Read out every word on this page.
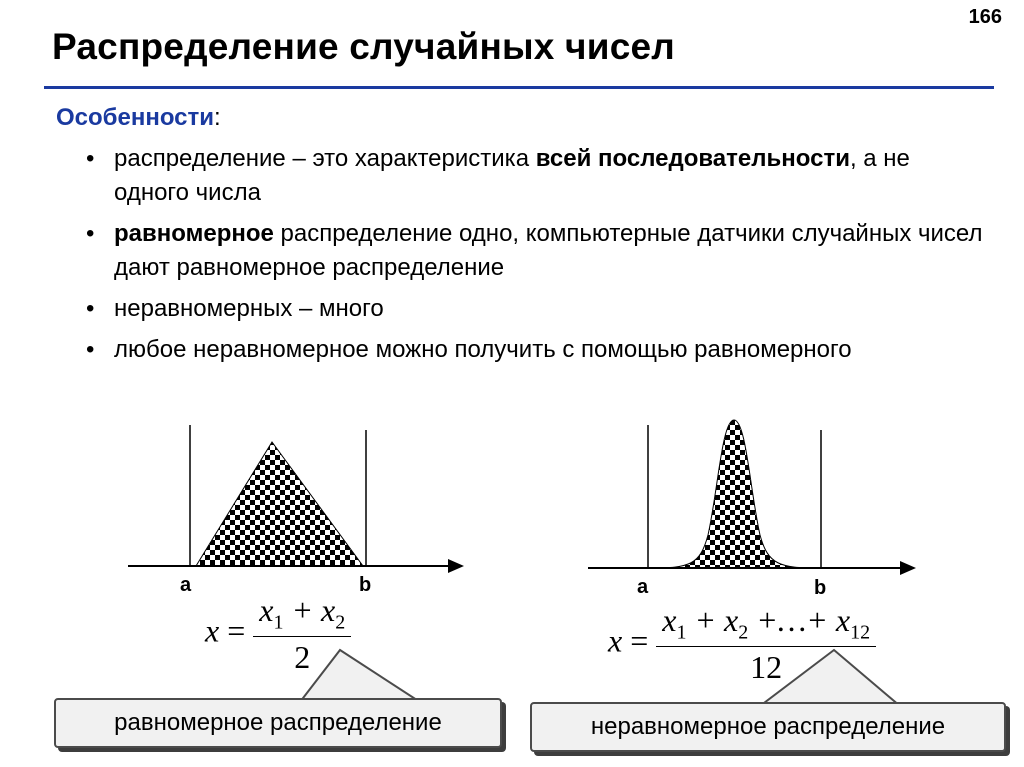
166
Распределение случайных чисел
Особенности:
• распределение – это характеристика всей последовательности, а не одного числа
• равномерное распределение одно, компьютерные датчики случайных чисел дают равномерное распределение
• неравномерных – много
• любое неравномерное можно получить с помощью равномерного
a	b	a	b
$x = \frac{x_1 + x_2}{2}$	$x = \frac{x_1 + x_2 +\dots+ x_{12}}{12}$
равномерное распределение	неравномерное распределение
